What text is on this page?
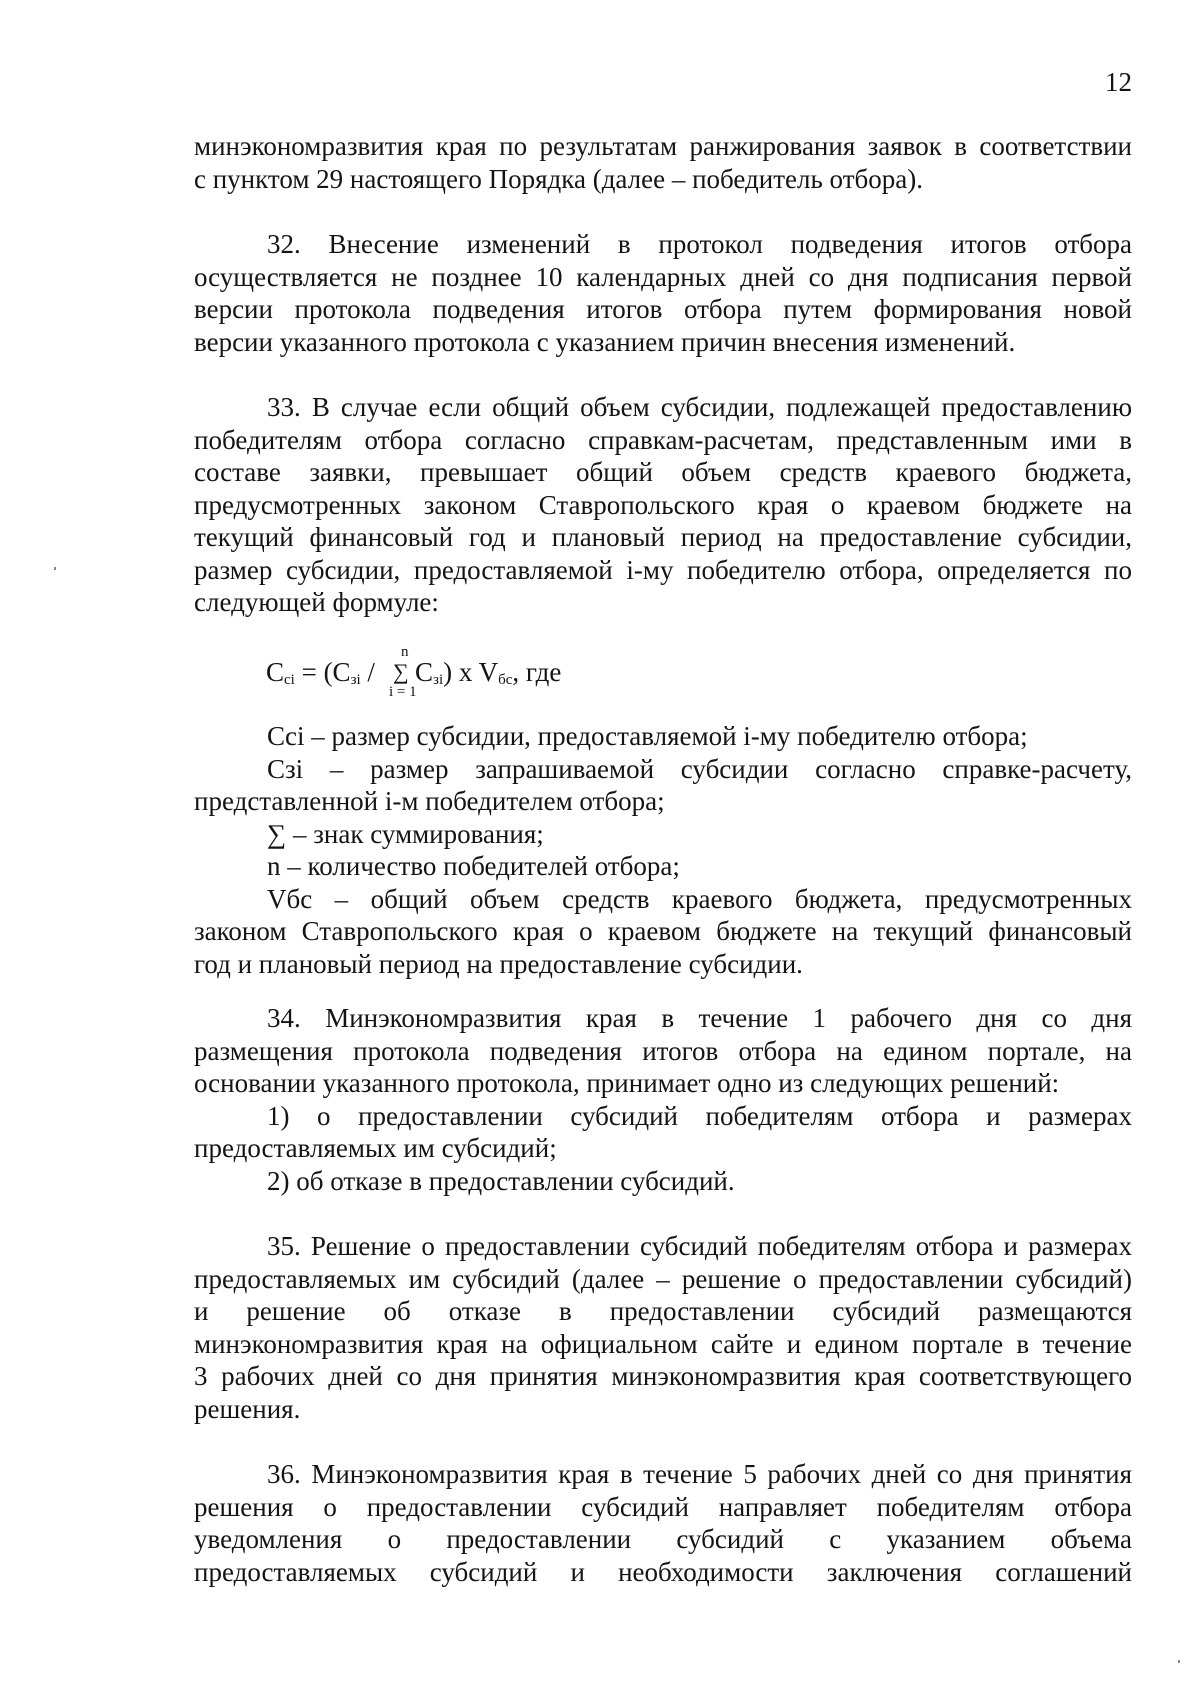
12
минэкономразвития края по результатам ранжирования заявок в соответствии
с пунктом 29 настоящего Порядка (далее – победитель отбора).
32. Внесение изменений в протокол подведения итогов отбора
осуществляется не позднее 10 календарных дней со дня подписания первой
версии протокола подведения итогов отбора путем формирования новой
версии указанного протокола с указанием причин внесения изменений.
33. В случае если общий объем субсидии, подлежащей предоставлению
победителям отбора согласно справкам-расчетам, представленным ими в
составе заявки, превышает общий объем средств краевого бюджета,
предусмотренных законом Ставропольского края о краевом бюджете на
текущий финансовый год и плановый период на предоставление субсидии,
размер субсидии, предоставляемой i-му победителю отбора, определяется по
следующей формуле:
$C_{ci} = (C_{зi}$ /
n
∑
i = 1
$C_{зi}$) x $V_{бс}$, где
Cсi – размер субсидии, предоставляемой i-му победителю отбора;
Сзi – размер запрашиваемой субсидии согласно справке-расчету,
представленной i-м победителем отбора;
∑ – знак суммирования;
n – количество победителей отбора;
Vбс – общий объем средств краевого бюджета, предусмотренных
законом Ставропольского края о краевом бюджете на текущий финансовый
год и плановый период на предоставление субсидии.
34. Минэкономразвития края в течение 1 рабочего дня со дня
размещения протокола подведения итогов отбора на едином портале, на
основании указанного протокола, принимает одно из следующих решений:
1) о предоставлении субсидий победителям отбора и размерах
предоставляемых им субсидий;
2) об отказе в предоставлении субсидий.
35. Решение о предоставлении субсидий победителям отбора и размерах
предоставляемых им субсидий (далее – решение о предоставлении субсидий)
и решение об отказе в предоставлении субсидий размещаются
минэкономразвития края на официальном сайте и едином портале в течение
3 рабочих дней со дня принятия минэкономразвития края соответствующего
решения.
36. Минэкономразвития края в течение 5 рабочих дней со дня принятия
решения о предоставлении субсидий направляет победителям отбора
уведомления о предоставлении субсидий с указанием объема
предоставляемых субсидий и необходимости заключения соглашений
